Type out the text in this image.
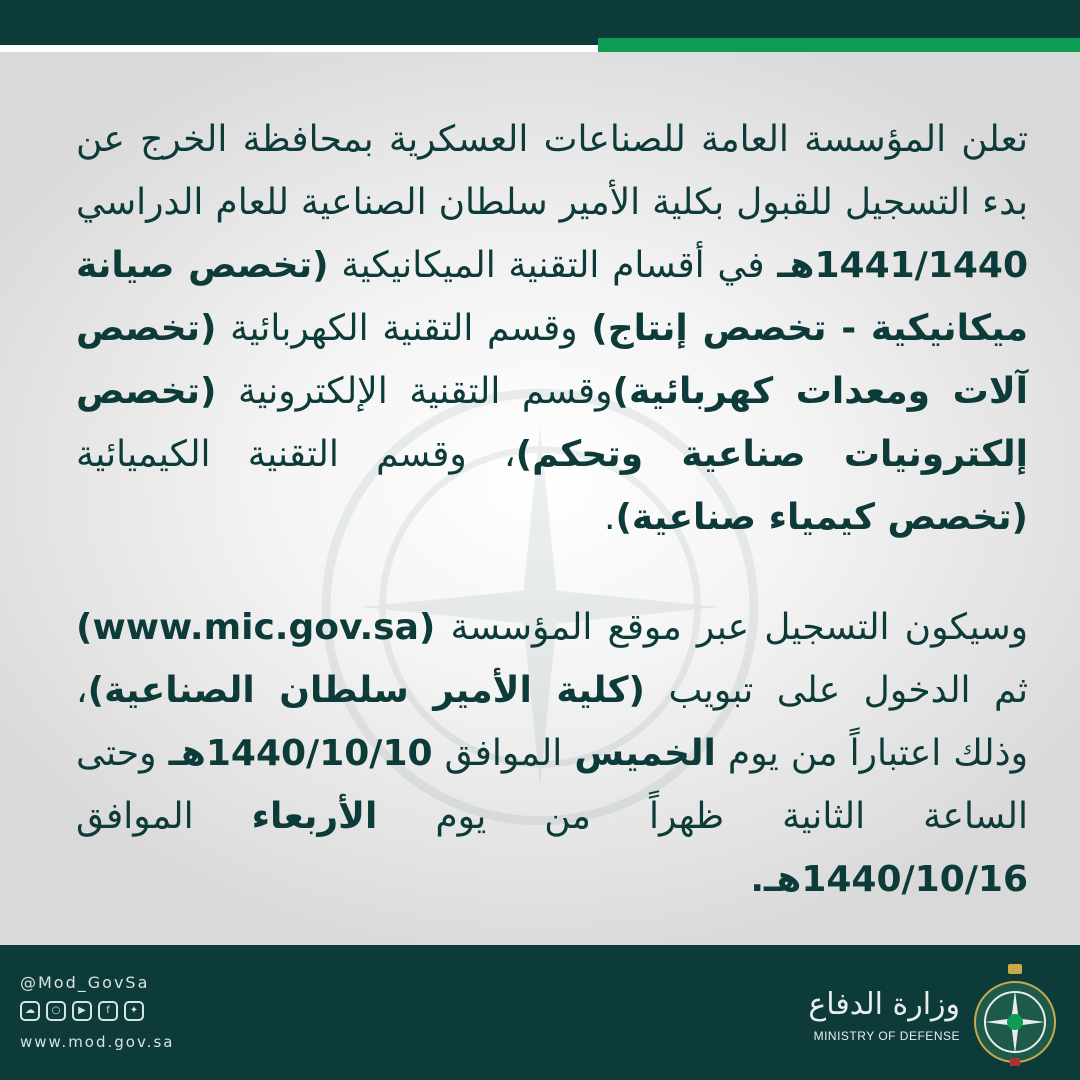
تعلن المؤسسة العامة للصناعات العسكرية بمحافظة الخرج عن بدء التسجيل للقبول بكلية الأمير سلطان الصناعية للعام الدراسي 1441/1440هـ في أقسام التقنية الميكانيكية (تخصص صيانة ميكانيكية - تخصص إنتاج) وقسم التقنية الكهربائية (تخصص آلات ومعدات كهربائية)وقسم التقنية الإلكترونية (تخصص إلكترونيات صناعية وتحكم)، وقسم التقنية الكيميائية (تخصص كيمياء صناعية).

وسيكون التسجيل عبر موقع المؤسسة (www.mic.gov.sa) ثم الدخول على تبويب (كلية الأمير سلطان الصناعية)، وذلك اعتباراً من يوم الخميس الموافق 1440/10/10هـ وحتى الساعة الثانية ظهراً من يوم الأربعاء الموافق 1440/10/16هـ.

@Mod_GovSa
☁	○	▶	f	✦
www.mod.gov.sa
وزارة الدفاع
MINISTRY OF DEFENSE
